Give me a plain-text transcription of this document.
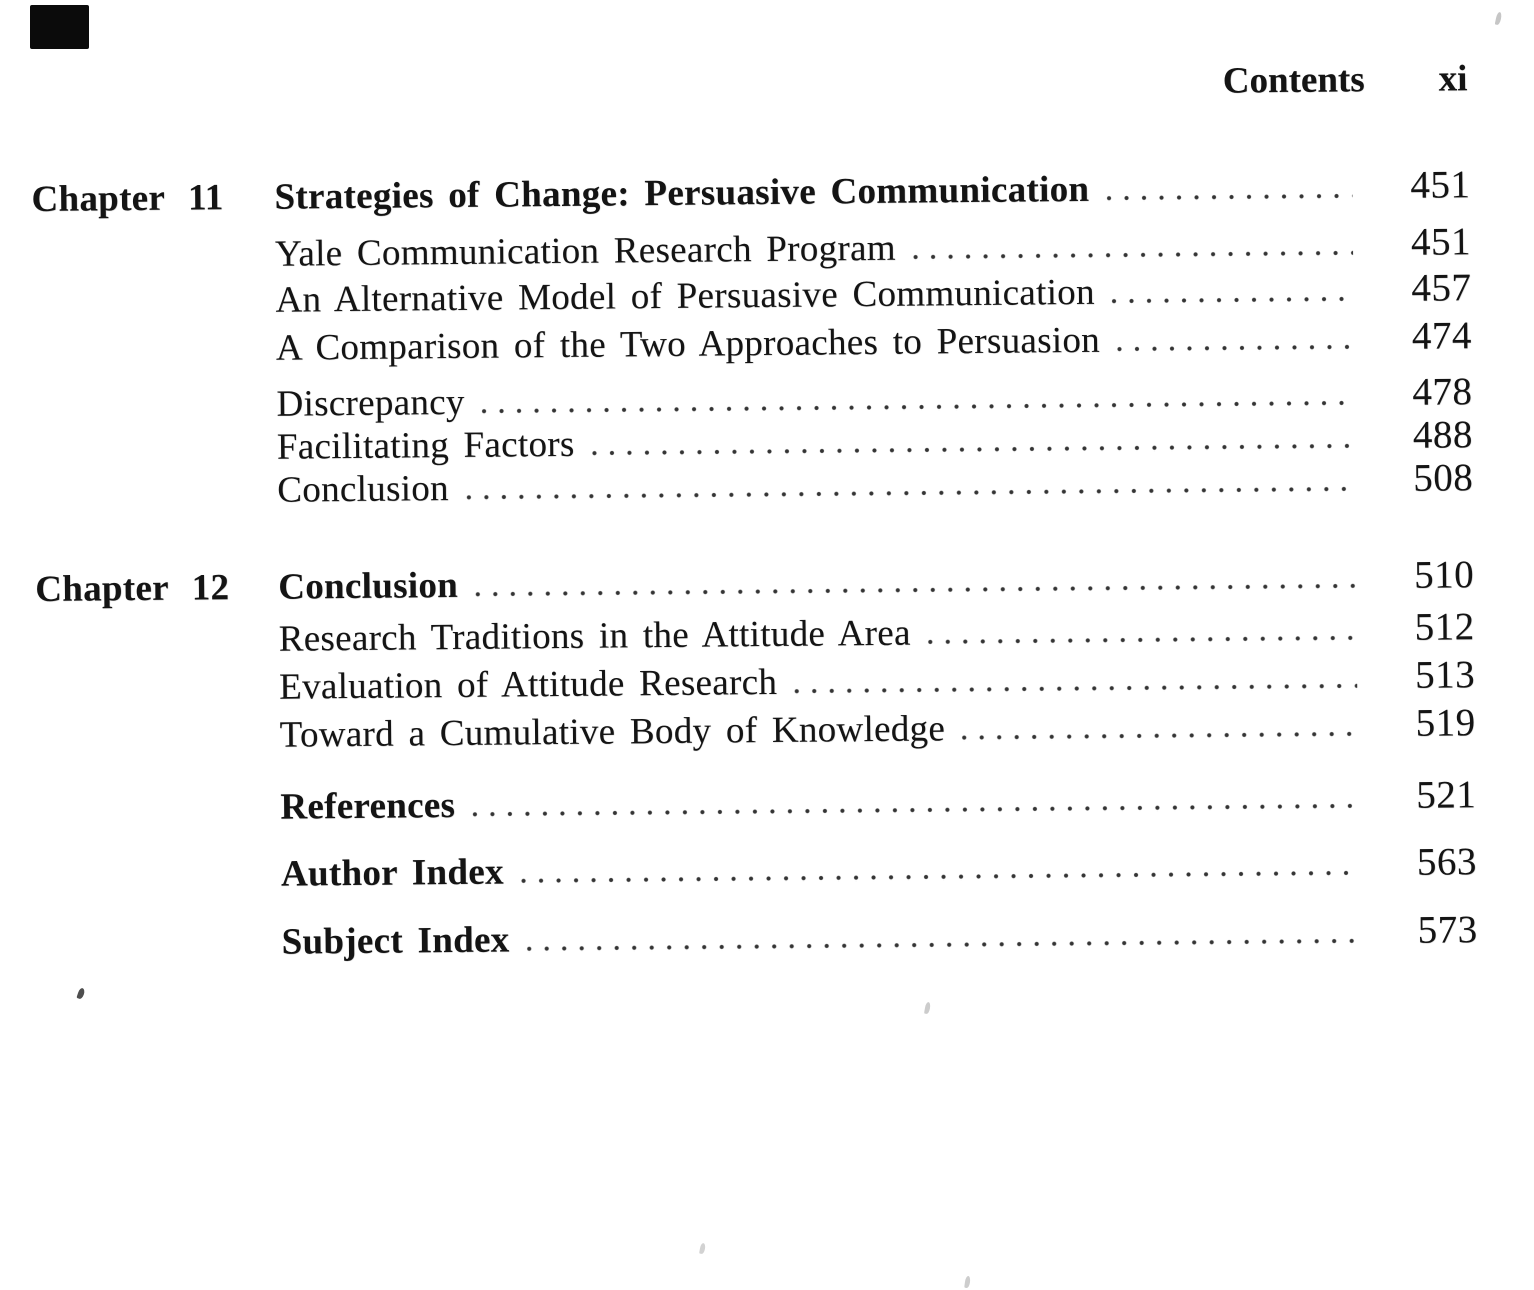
Contents xi
Chapter 11	Strategies of Change: Persuasive Communication	451
Yale Communication Research Program	451
An Alternative Model of Persuasive Communication	457
A Comparison of the Two Approaches to Persuasion	474
Discrepancy	478
Facilitating Factors	488
Conclusion	508
Chapter 12	Conclusion	510
Research Traditions in the Attitude Area	512
Evaluation of Attitude Research	513
Toward a Cumulative Body of Knowledge	519
References	521
Author Index	563
Subject Index	573
